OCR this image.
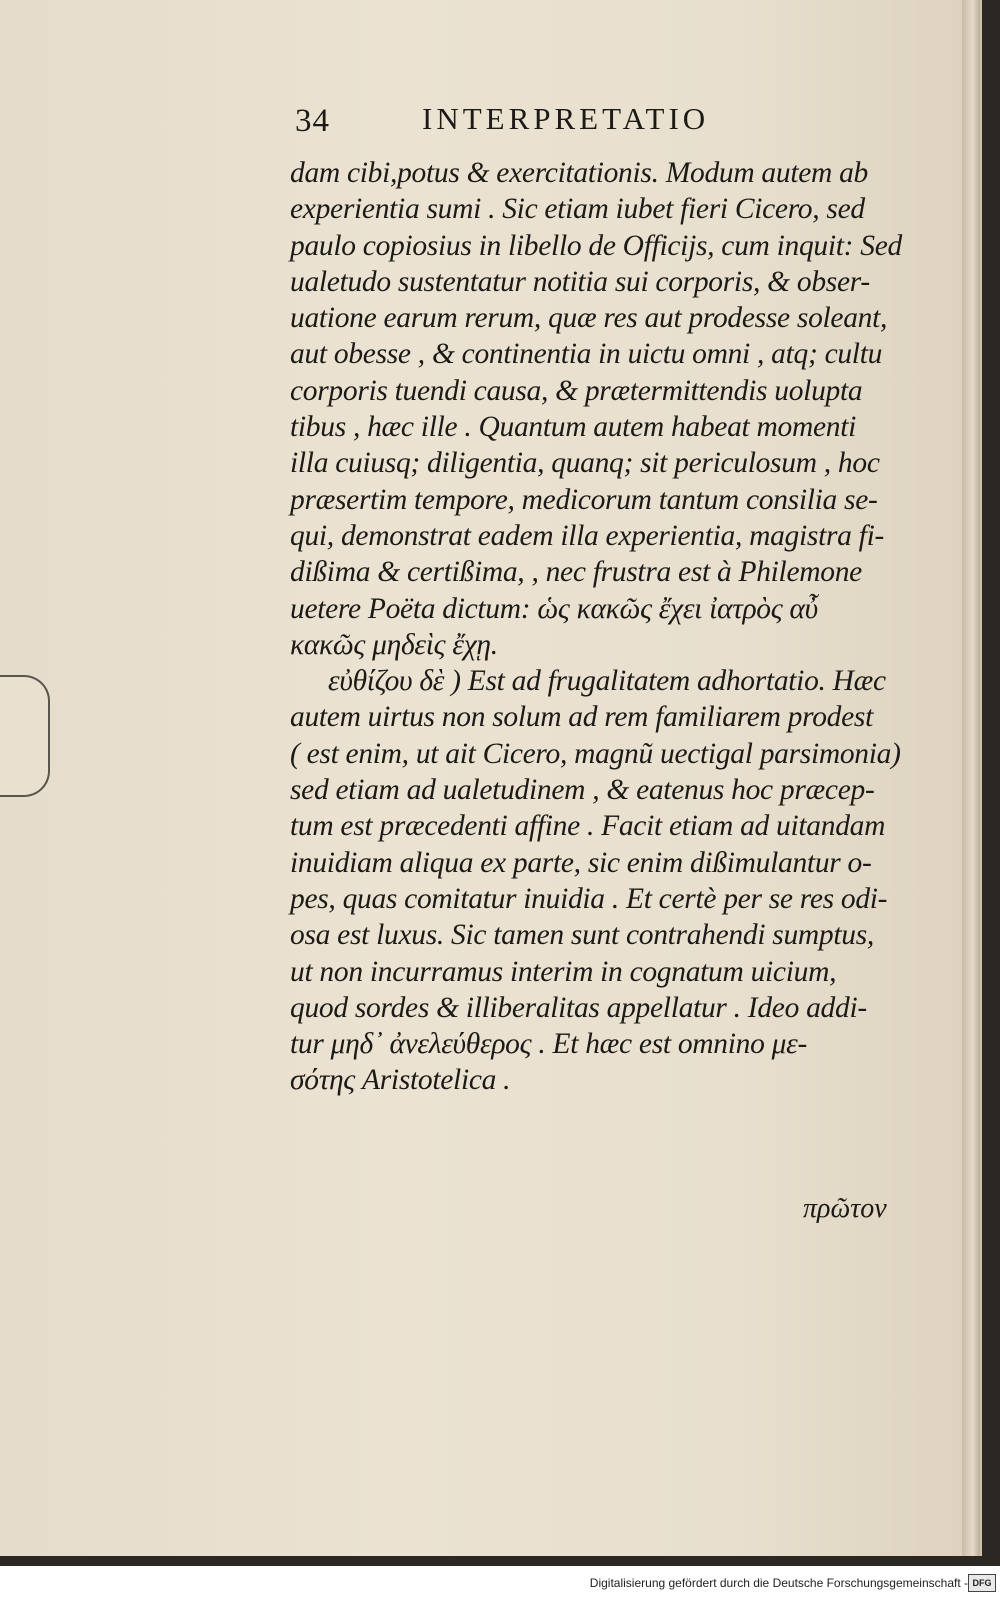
34	INTERPRETATIO
dam cibi,potus & exercitationis. Modum autem ab
experientia sumi . Sic etiam iubet fieri Cicero, sed
paulo copiosius in libello de Officijs, cum inquit: Sed
ualetudo sustentatur notitia sui corporis, & obser-
uatione earum rerum, quæ res aut prodesse soleant,
aut obesse , & continentia in uictu omni , atq; cultu
corporis tuendi causa, & prætermittendis uolupta
tibus , hæc ille . Quantum autem habeat momenti
illa cuiusq; diligentia, quanq; sit periculosum , hoc
præsertim tempore, medicorum tantum consilia se-
qui, demonstrat eadem illa experientia, magistra fi-
dißima & certißima, , nec frustra est à Philemone
uetere Poëta dictum: ὡς κακῶς ἔχει ἰατρὸς αὖ
κακῶς μηδεὶς ἔχῃ.
εὐθίζου δὲ ) Est ad frugalitatem adhortatio. Hæc
autem uirtus non solum ad rem familiarem prodest
( est enim, ut ait Cicero, magnũ uectigal parsimonia)
sed etiam ad ualetudinem , & eatenus hoc præcep-
tum est præcedenti affine . Facit etiam ad uitandam
inuidiam aliqua ex parte, sic enim dißimulantur o-
pes, quas comitatur inuidia . Et certè per se res odi-
osa est luxus. Sic tamen sunt contrahendi sumptus,
ut non incurramus interim in cognatum uicium,
quod sordes & illiberalitas appellatur . Ideo addi-
tur μηδ᾽ ἀνελεύθερος . Et hæc est omnino με-
σότης Aristotelica .
πρῶτον
Digitalisierung gefördert durch die Deutsche Forschungsgemeinschaft - DFG
